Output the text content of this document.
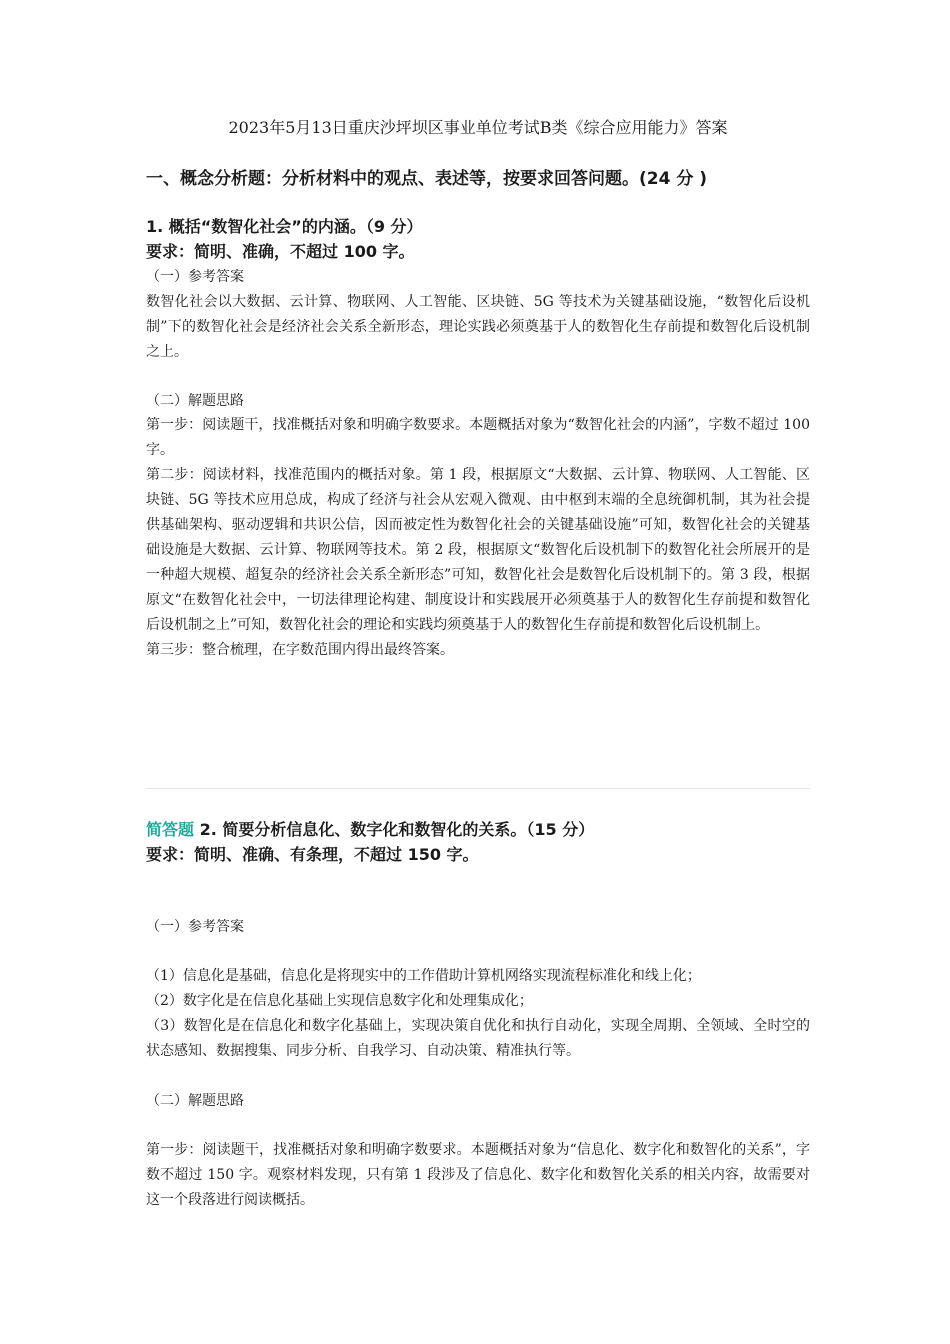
2023年5月13日重庆沙坪坝区事业单位考试B类《综合应用能力》答案
一、概念分析题：分析材料中的观点、表述等，按要求回答问题。(24 分 )
1. 概括“数智化社会”的内涵。（9 分）
要求：简明、准确，不超过 100 字。
（一）参考答案

数智化社会以大数据、云计算、物联网、人工智能、区块链、5G 等技术为关键基础设施，“数智化后设机制”下的数智化社会是经济社会关系全新形态，理论实践必须奠基于人的数智化生存前提和数智化后设机制之上。

（二）解题思路

第一步：阅读题干，找准概括对象和明确字数要求。本题概括对象为“数智化社会的内涵”，字数不超过 100 字。

第二步：阅读材料，找准范围内的概括对象。第 1 段，根据原文“大数据、云计算、物联网、人工智能、区块链、5G 等技术应用总成，构成了经济与社会从宏观入微观、由中枢到末端的全息统御机制，其为社会提供基础架构、驱动逻辑和共识公信，因而被定性为数智化社会的关键基础设施”可知，数智化社会的关键基础设施是大数据、云计算、物联网等技术。第 2 段，根据原文“数智化后设机制下的数智化社会所展开的是一种超大规模、超复杂的经济社会关系全新形态”可知，数智化社会是数智化后设机制下的。第 3 段，根据原文“在数智化社会中，一切法律理论构建、制度设计和实践展开必须奠基于人的数智化生存前提和数智化后设机制之上”可知，数智化社会的理论和实践均须奠基于人的数智化生存前提和数智化后设机制上。

第三步：整合梳理，在字数范围内得出最终答案。

简答题 2. 简要分析信息化、数字化和数智化的关系。（15 分）
要求：简明、准确、有条理，不超过 150 字。
（一）参考答案

（1）信息化是基础，信息化是将现实中的工作借助计算机网络实现流程标准化和线上化；

（2）数字化是在信息化基础上实现信息数字化和处理集成化；

（3）数智化是在信息化和数字化基础上，实现决策自优化和执行自动化，实现全周期、全领域、全时空的状态感知、数据搜集、同步分析、自我学习、自动决策、精准执行等。

（二）解题思路

第一步：阅读题干，找准概括对象和明确字数要求。本题概括对象为“信息化、数字化和数智化的关系”，字数不超过 150 字。观察材料发现，只有第 1 段涉及了信息化、数字化和数智化关系的相关内容，故需要对这一个段落进行阅读概括。
